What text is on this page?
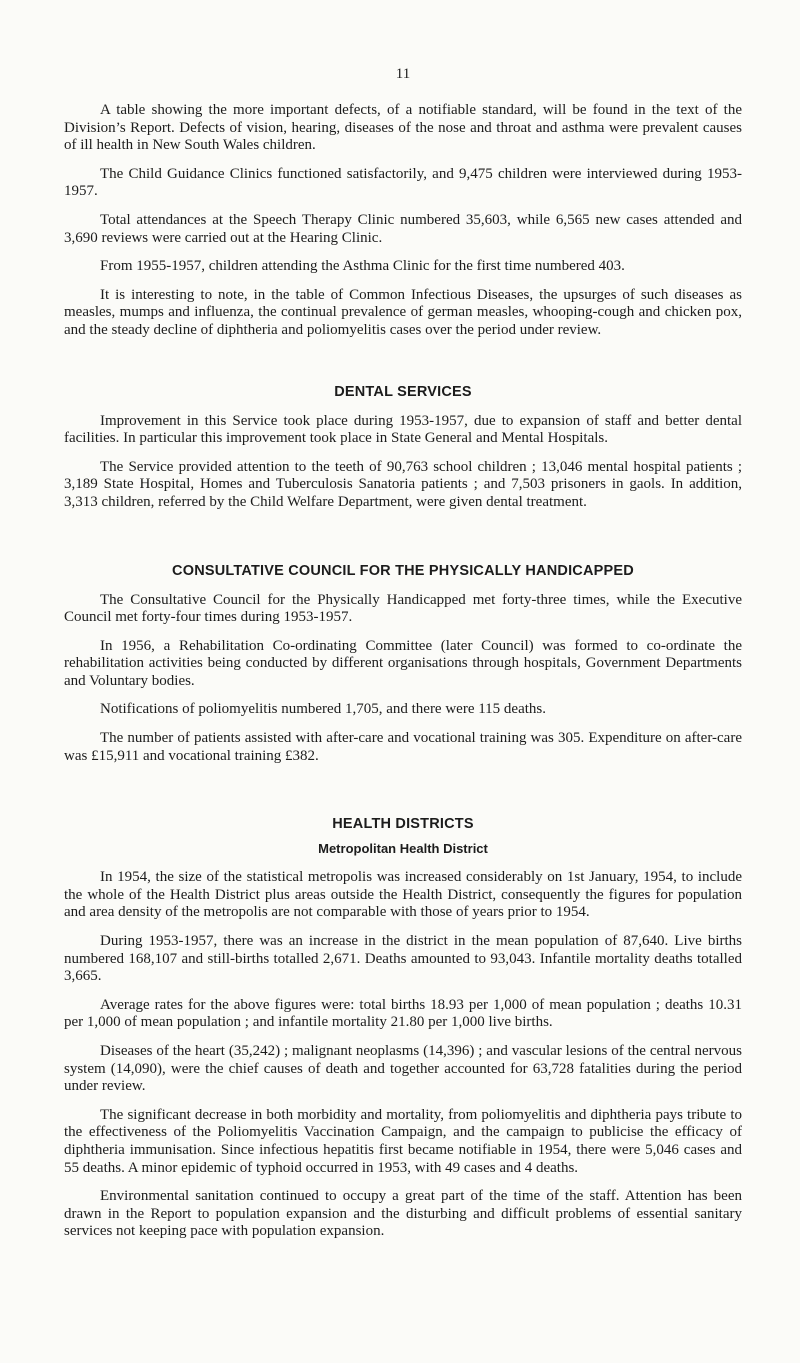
11

A table showing the more important defects, of a notifiable standard, will be found in the text of the Division’s Report. Defects of vision, hearing, diseases of the nose and throat and asthma were prevalent causes of ill health in New South Wales children.

The Child Guidance Clinics functioned satisfactorily, and 9,475 children were interviewed during 1953-1957.

Total attendances at the Speech Therapy Clinic numbered 35,603, while 6,565 new cases attended and 3,690 reviews were carried out at the Hearing Clinic.

From 1955-1957, children attending the Asthma Clinic for the first time numbered 403.

It is interesting to note, in the table of Common Infectious Diseases, the upsurges of such diseases as measles, mumps and influenza, the continual prevalence of german measles, whooping-cough and chicken pox, and the steady decline of diphtheria and poliomyelitis cases over the period under review.

DENTAL SERVICES

Improvement in this Service took place during 1953-1957, due to expansion of staff and better dental facilities. In particular this improvement took place in State General and Mental Hospitals.

The Service provided attention to the teeth of 90,763 school children ; 13,046 mental hospital patients ; 3,189 State Hospital, Homes and Tuberculosis Sanatoria patients ; and 7,503 prisoners in gaols. In addition, 3,313 children, referred by the Child Welfare Department, were given dental treatment.

CONSULTATIVE COUNCIL FOR THE PHYSICALLY HANDICAPPED

The Consultative Council for the Physically Handicapped met forty-three times, while the Executive Council met forty-four times during 1953-1957.

In 1956, a Rehabilitation Co-ordinating Committee (later Council) was formed to co-ordinate the rehabilitation activities being conducted by different organisations through hospitals, Government Departments and Voluntary bodies.

Notifications of poliomyelitis numbered 1,705, and there were 115 deaths.

The number of patients assisted with after-care and vocational training was 305. Expenditure on after-care was £15,911 and vocational training £382.

HEALTH DISTRICTS
Metropolitan Health District

In 1954, the size of the statistical metropolis was increased considerably on 1st January, 1954, to include the whole of the Health District plus areas outside the Health District, consequently the figures for population and area density of the metropolis are not comparable with those of years prior to 1954.

During 1953-1957, there was an increase in the district in the mean population of 87,640. Live births numbered 168,107 and still-births totalled 2,671. Deaths amounted to 93,043. Infantile mortality deaths totalled 3,665.

Average rates for the above figures were: total births 18.93 per 1,000 of mean population ; deaths 10.31 per 1,000 of mean population ; and infantile mortality 21.80 per 1,000 live births.

Diseases of the heart (35,242) ; malignant neoplasms (14,396) ; and vascular lesions of the central nervous system (14,090), were the chief causes of death and together accounted for 63,728 fatalities during the period under review.

The significant decrease in both morbidity and mortality, from poliomyelitis and diphtheria pays tribute to the effectiveness of the Poliomyelitis Vaccination Campaign, and the campaign to publicise the efficacy of diphtheria immunisation. Since infectious hepatitis first became notifiable in 1954, there were 5,046 cases and 55 deaths. A minor epidemic of typhoid occurred in 1953, with 49 cases and 4 deaths.

Environmental sanitation continued to occupy a great part of the time of the staff. Attention has been drawn in the Report to population expansion and the disturbing and difficult problems of essential sanitary services not keeping pace with population expansion.
